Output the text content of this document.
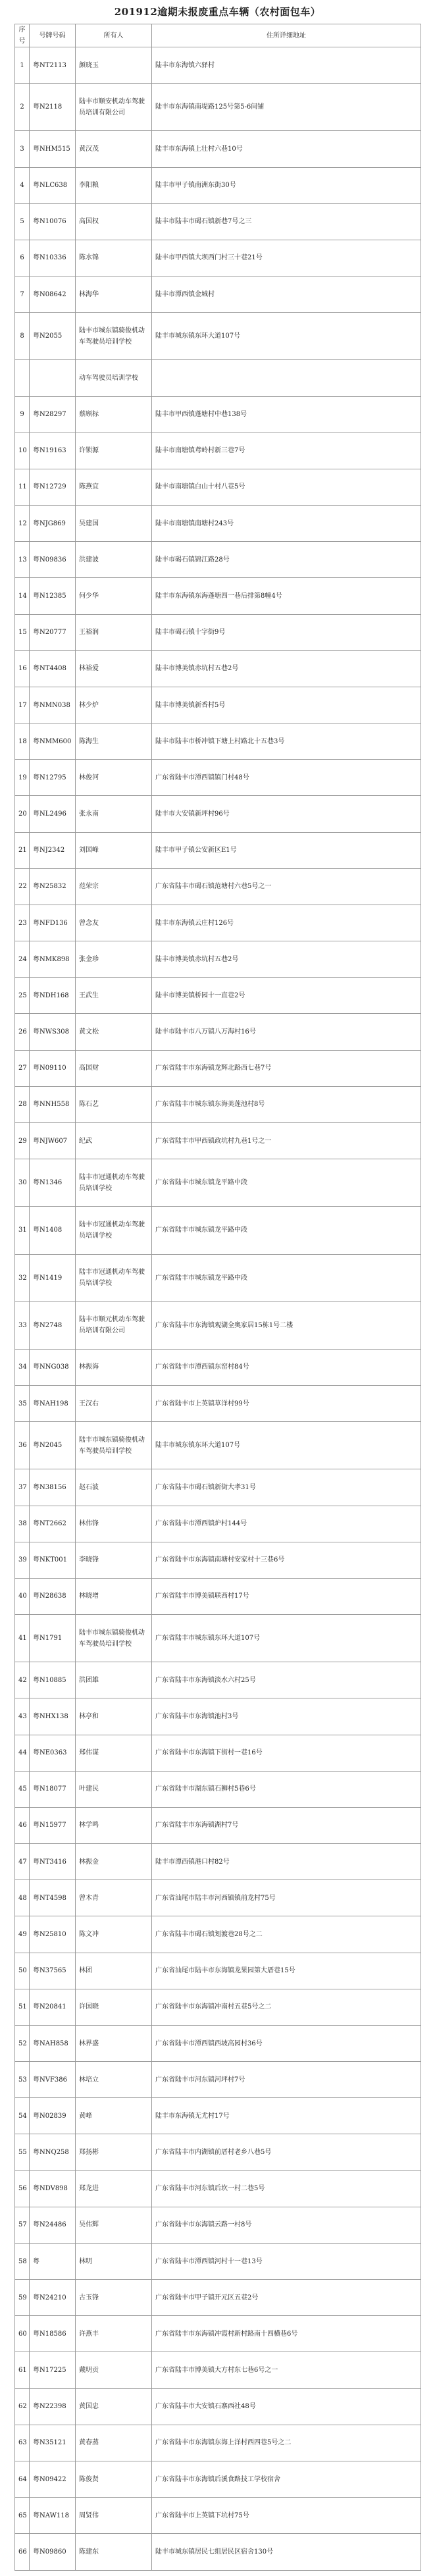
201912逾期未报废重点车辆（农村面包车）
序号	号牌号码	所有人	住所详细地址
1	粤NT2113	颜晓玉	陆丰市东海镇六驿村
2	粤N2118	陆丰市顺安机动车驾驶员培训有限公司	陆丰市东海镇南堤路125号第5-6间铺
3	粤NHM515	黄汉茂	陆丰市东海镇上壮村六巷10号
4	粤NLC638	李阳粮	陆丰市甲子镇南洲东街30号
5	粤N10076	高国权	陆丰市陆丰市碣石镇新巷7号之三
6	粤N10336	陈水锦	陆丰市甲西镇大坝西门村三十巷21号
7	粤N08642	林海华	陆丰市潭西镇金城村
8	粤N2055	陆丰市城东镇骑俊机动车驾驶员培训学校	陆丰市城东镇东环大道107号
		动车驾驶员培训学校	
9	粤N28297	蔡顾标	陆丰市甲西镇蓬塘村中巷138号
10	粤N19163	许锁源	陆丰市南塘镇鸢岭村新三巷7号
11	粤N12729	陈燕宜	陆丰市南塘镇白山十村八巷5号
12	粤NJG869	吴建国	陆丰市南塘镇南塘村243号
13	粤N09836	洪建波	陆丰市碣石镇锦江路28号
14	粤N12385	何少华	陆丰市东海镇东海蓬塘四一巷后排第8幢4号
15	粤N20777	王裕润	陆丰市碣石镇十字街9号
16	粤NT4408	林裕爱	陆丰市博美镇赤坑村五巷2号
17	粤NMN038	林少炉	陆丰市博美镇新香村5号
18	粤NMM600	陈海生	陆丰市陆丰市桥冲镇下塘上村路北十五巷3号
19	粤N12795	林俊河	广东省陆丰市潭西镇镇门村48号
20	粤NL2496	张永南	陆丰市大安镇新坪村96号
21	粤NJ2342	刘国峰	陆丰市甲子镇公安新区E1号
22	粤N25832	范荣宗	广东省陆丰市碣石镇范塘村六巷5号之一
23	粤NFD136	曾念友	陆丰市东海镇云庄村126号
24	粤NMK898	张金珍	陆丰市博美镇赤坑村五巷2号
25	粤NDH168	王武生	陆丰市博美镇桥园十一直巷2号
26	粤NWS308	黄文松	陆丰市陆丰市八万镇八万海村16号
27	粤N09110	高国财	广东省陆丰市东海镇龙辉北路西七巷7号
28	粤NNH558	陈石艺	广东省陆丰市城东镇东海美莲池村8号
29	粤NJW607	纪武	广东省陆丰市甲西镇政坑村九巷1号之一
30	粤N1346	陆丰市冠通机动车驾驶员培训学校	广东省陆丰市城东镇龙平路中段
31	粤N1408	陆丰市冠通机动车驾驶员培训学校	广东省陆丰市城东镇龙平路中段
32	粤N1419	陆丰市冠通机动车驾驶员培训学校	广东省陆丰市城东镇龙平路中段
33	粤N2748	陆丰市顺元机动车驾驶员培训有限公司	广东省陆丰市东海镇观湖全奥家居15栋1号二楼
34	粤NNG038	林振海	广东省陆丰市潭西镇东窑村84号
35	粤NAH198	王汉右	广东省陆丰市上英镇草洋村99号
36	粤N2045	陆丰市城东镇骑俊机动车驾驶员培训学校	陆丰市城东镇东环大道107号
37	粤N38156	赵石波	广东省陆丰市碣石镇新街大孝31号
38	粤NT2662	林伟锋	广东省陆丰市潭西镇炉村144号
39	粤NKT001	李晓锋	广东省陆丰市东海镇南塘村安家村十三巷6号
40	粤N28638	林晓增	广东省陆丰市博美镇联西村17号
41	粤N1791	陆丰市城东镇骑俊机动车驾驶员培训学校	广东省陆丰市城东镇东环大道107号
42	粤N10885	洪团雄	广东省陆丰市东海镇淡水六村25号
43	粤NHX138	林亭和	广东省陆丰市东海镇池村3号
44	粤NE0363	郑伟谋	广东省陆丰市东海镇下街村一巷16号
45	粤N18077	叶建民	广东省陆丰市湖东镇石狮村5巷6号
46	粤N15977	林学鸣	广东省陆丰市东海镇湖村7号
47	粤NT3416	林振金	陆丰市潭西镇港口村82号
48	粤NT4598	曾木青	广东省汕尾市陆丰市河西镇镇前龙村75号
49	粤N25810	陈文冲	广东省陆丰市碣石镇划渡巷28号之二
50	粤N37565	林团	广东省汕尾市陆丰市东海镇龙果园第大厝巷15号
51	粤N20841	许国晓	广东省陆丰市东海镇冲南村五巷5号之二
52	粤NAH858	林界盛	广东省陆丰市潭西镇西坡高园村36号
53	粤NVF386	林培立	广东省陆丰市河东镇河坪村7号
54	粤N02839	黄峰	陆丰市东海镇无尤村17号
55	粤NNQ258	郑扬彬	广东省陆丰市内湖镇前厝村老乡八巷5号
56	粤NDV898	郑龙进	广东省陆丰市河东镇后坎一村二巷5号
57	粤N24486	吴伟辉	广东省陆丰市东海镇云路一村8号
58	粤	林明	广东省陆丰市潭西镇河村十一巷13号
59	粤N24210	古玉锋	广东省陆丰市甲子镇开元区五巷2号
60	粤N18586	许燕丰	广东省陆丰市东海镇冲霞村新村路南十四横巷6号
61	粤N17225	戴明贡	广东省陆丰市博美镇大方村东七巷6号之一
62	粤N22398	黄国忠	广东省陆丰市大安镇石寨西社48号
63	粤N35121	黄春蒸	广东省陆丰市东海镇东海上洋村西四巷5号之二
64	粤N09422	陈俊贤	广东省陆丰市东海镇后溪食路技工学校宿舍
65	粤NAW118	周贤伟	广东省陆丰市上英镇下坑村75号
66	粤N09860	陈建东	陆丰市城东镇居民七组居民区宿舍130号
